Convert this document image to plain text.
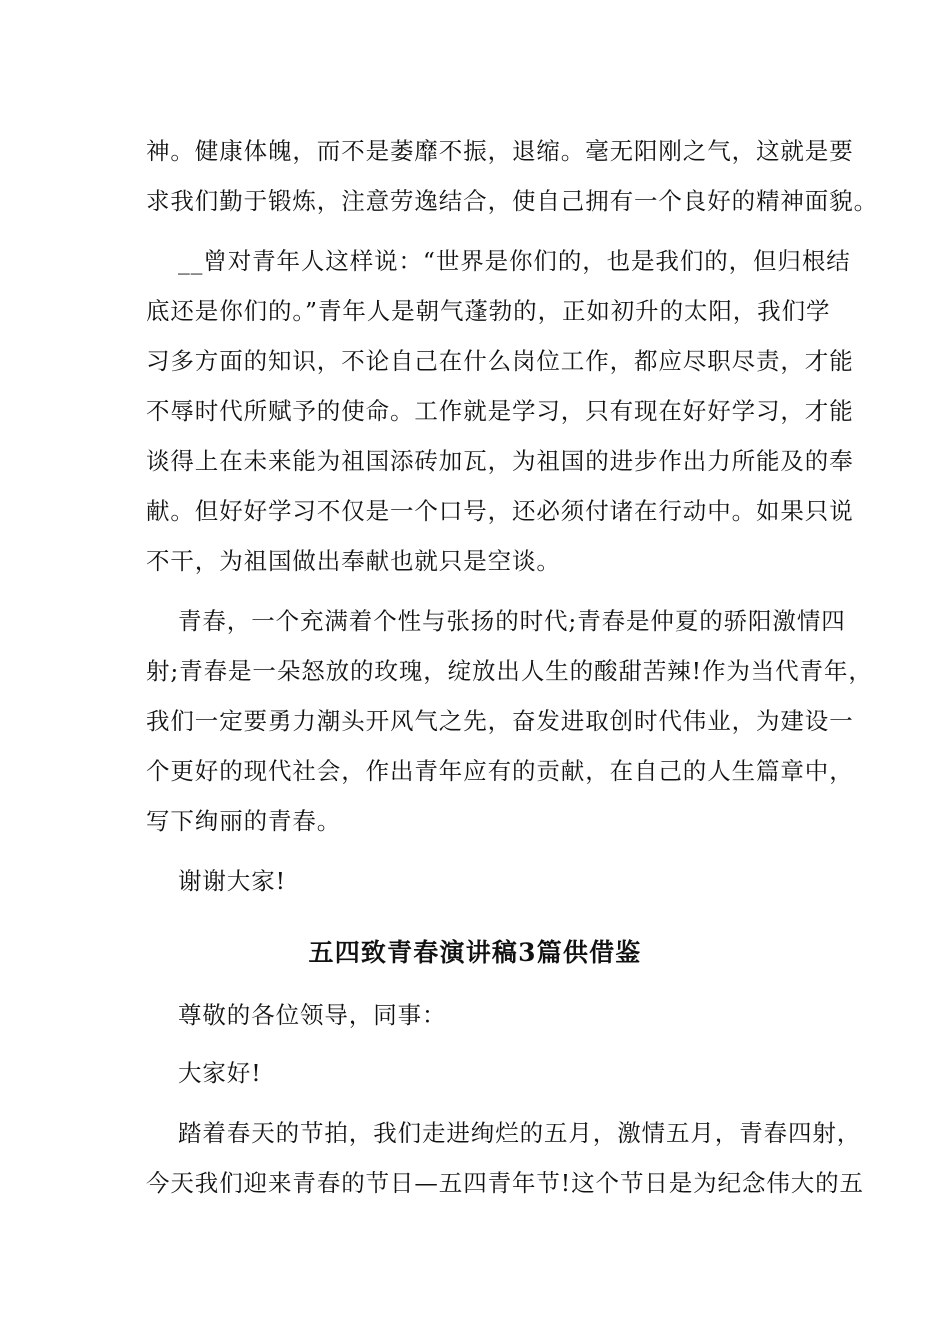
神。健康体魄，而不是萎靡不振，退缩。毫无阳刚之气，这就是要
求我们勤于锻炼，注意劳逸结合，使自己拥有一个良好的精神面貌。
__曾对青年人这样说：“世界是你们的，也是我们的，但归根结
底还是你们的。”青年人是朝气蓬勃的，正如初升的太阳，我们学
习多方面的知识，不论自己在什么岗位工作，都应尽职尽责，才能
不辱时代所赋予的使命。工作就是学习，只有现在好好学习，才能
谈得上在未来能为祖国添砖加瓦，为祖国的进步作出力所能及的奉
献。但好好学习不仅是一个口号，还必须付诸在行动中。如果只说
不干，为祖国做出奉献也就只是空谈。
青春，一个充满着个性与张扬的时代;青春是仲夏的骄阳激情四
射;青春是一朵怒放的玫瑰，绽放出人生的酸甜苦辣!作为当代青年，
我们一定要勇力潮头开风气之先，奋发进取创时代伟业，为建设一
个更好的现代社会，作出青年应有的贡献，在自己的人生篇章中，
写下绚丽的青春。
谢谢大家!
五四致青春演讲稿3篇供借鉴
尊敬的各位领导，同事：
大家好!
踏着春天的节拍，我们走进绚烂的五月，激情五月，青春四射，
今天我们迎来青春的节日—五四青年节!这个节日是为纪念伟大的五
